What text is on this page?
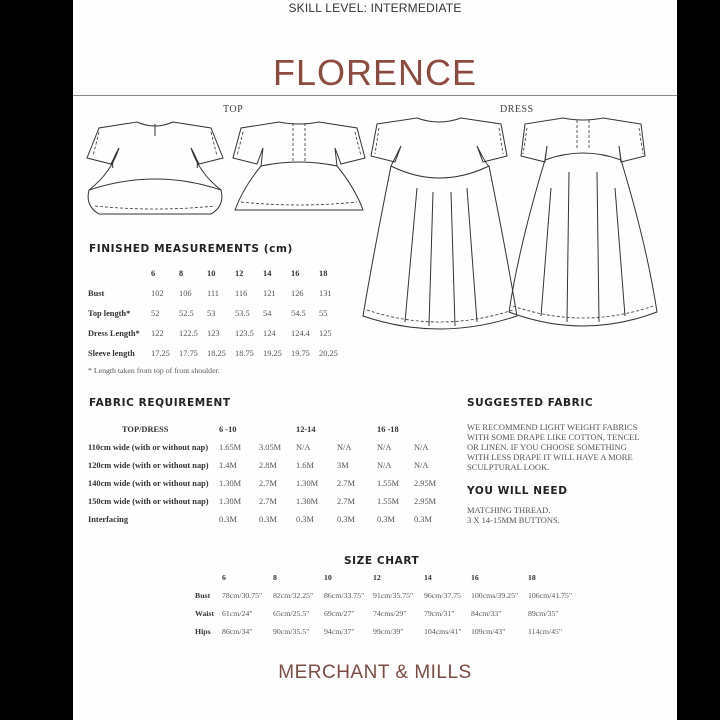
SKILL LEVEL: INTERMEDIATE
FLORENCE
TOP	DRESS
FINISHED MEASUREMENTS (cm)
	6	8	10	12	14	16	18
Bust	102	106	111	116	121	126	131
Top length*	52	52.5	53	53.5	54	54.5	55
Dress Length*	122	122.5	123	123.5	124	124.4	125
Sleeve length	17.25	17.75	18.25	18.75	19.25	19.75	20.25
* Length taken from top of front shoulder.
FABRIC REQUIREMENT
TOP/DRESS	6 -10		12-14		16 -18	
110cm wide (with or without nap)	1.65M	3.05M	N/A	N/A	N/A	N/A
120cm wide (with or without nap)	1.4M	2.8M	1.6M	3M	N/A	N/A
140cm wide (with or without nap)	1.30M	2.7M	1.30M	2.7M	1.55M	2.95M
150cm wide (with or without nap)	1.30M	2.7M	1.30M	2.7M	1.55M	2.95M
Interfacing	0.3M	0.3M	0.3M	0.3M	0.3M	0.3M
SUGGESTED FABRIC
WE RECOMMEND LIGHT WEIGHT FABRICS
WITH SOME DRAPE LIKE COTTON, TENCEL
OR LINEN. IF YOU CHOOSE SOMETHING
WITH LESS DRAPE IT WILL HAVE A MORE
SCULPTURAL LOOK.
YOU WILL NEED
MATCHING THREAD.
3 X 14-15MM BUTTONS.
SIZE CHART
	6	8	10	12	14	16	18
Bust	78cm/30.75"	82cm/32.25"	86cm/33.75"	91cm/35.75"	96cm/37.75	100cms/39.25"	106cm/41.75"
Waist	61cm/24"	65cm/25.5"	69cm/27"	74cms/29"	79cm/31"	84cm/33"	89cm/35"
Hips	86cm/34"	90cm/35.5"	94cm/37"	99cm/39"	104cms/41"	109cm/43"	114cm/45"
MERCHANT & MILLS
